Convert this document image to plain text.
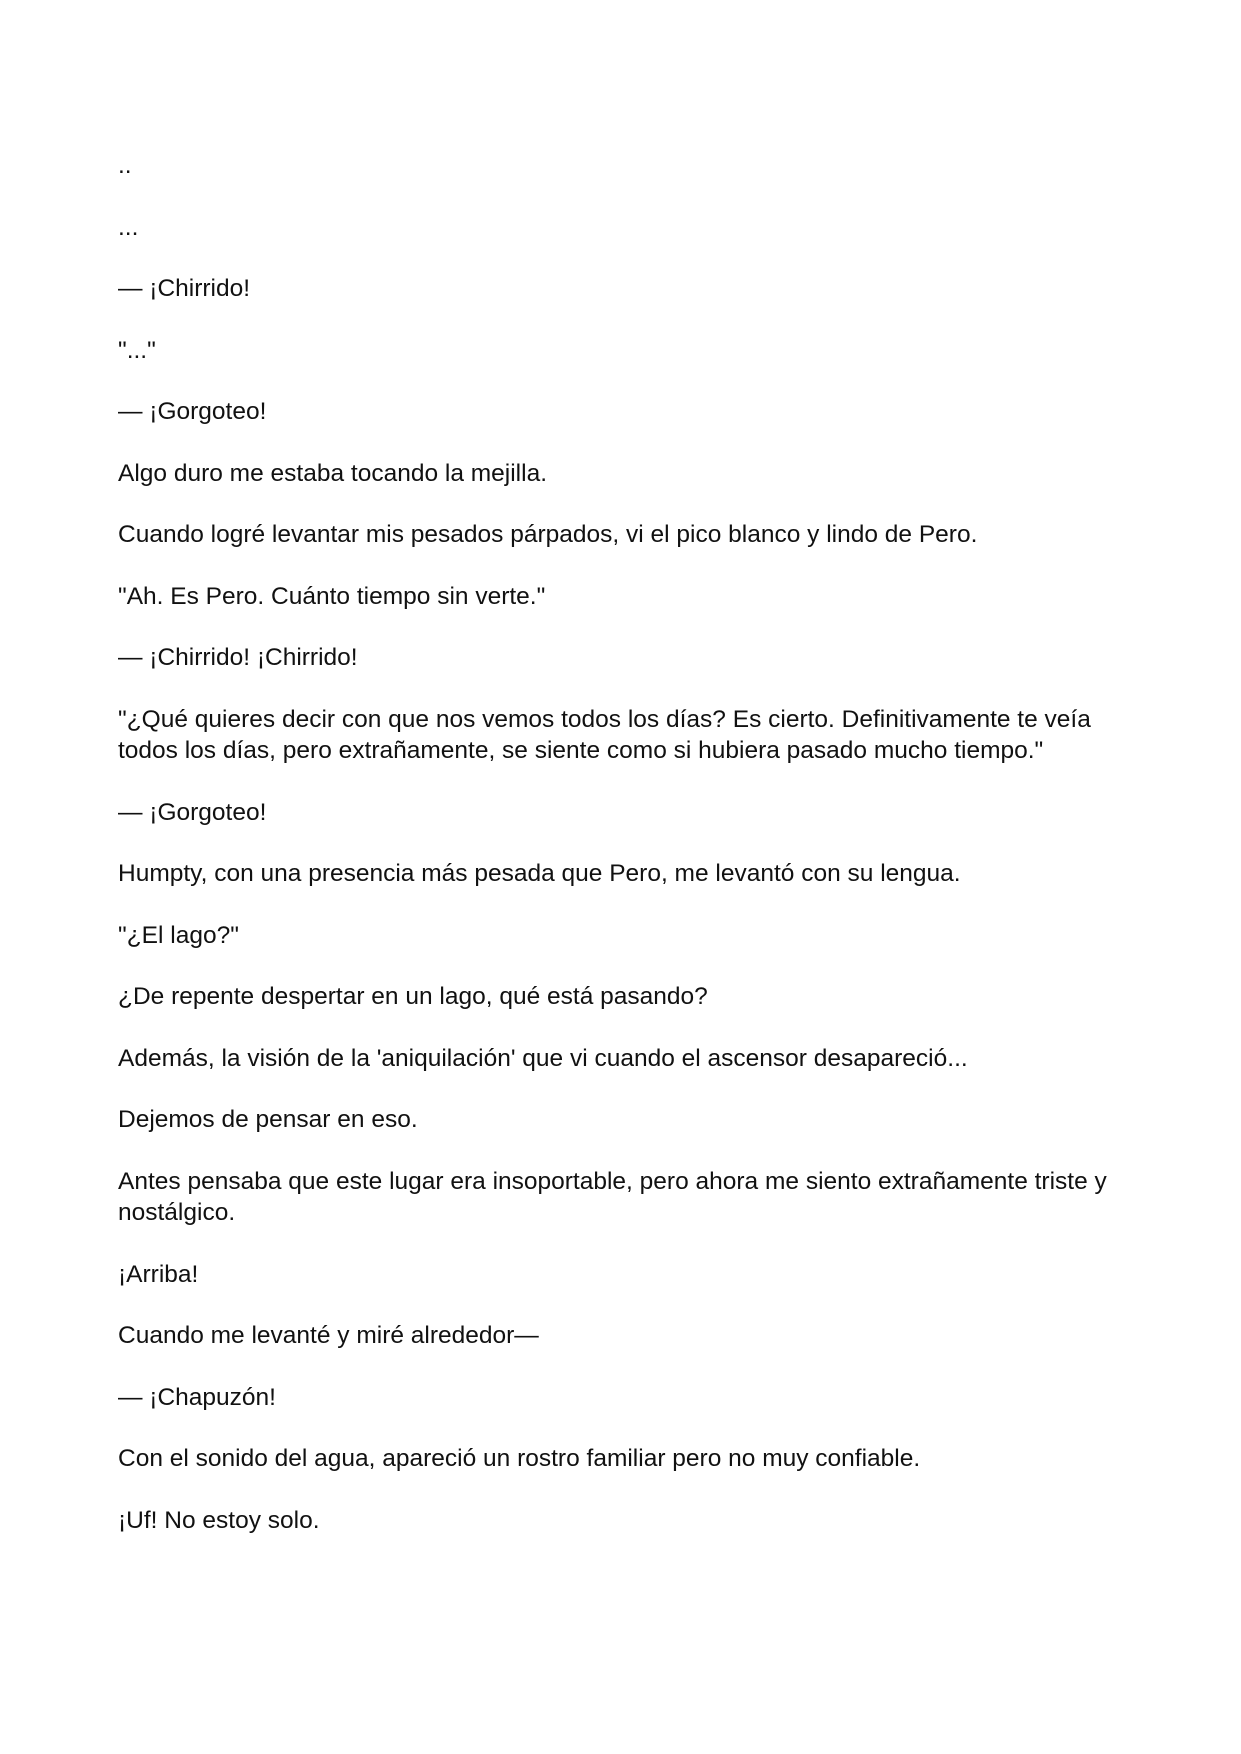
..

...

— ¡Chirrido!

"..."

— ¡Gorgoteo!

Algo duro me estaba tocando la mejilla.

Cuando logré levantar mis pesados párpados, vi el pico blanco y lindo de Pero.

"Ah. Es Pero. Cuánto tiempo sin verte."

— ¡Chirrido! ¡Chirrido!

"¿Qué quieres decir con que nos vemos todos los días? Es cierto. Definitivamente te veía todos los días, pero extrañamente, se siente como si hubiera pasado mucho tiempo."

— ¡Gorgoteo!

Humpty, con una presencia más pesada que Pero, me levantó con su lengua.

"¿El lago?"

¿De repente despertar en un lago, qué está pasando?

Además, la visión de la 'aniquilación' que vi cuando el ascensor desapareció...

Dejemos de pensar en eso.

Antes pensaba que este lugar era insoportable, pero ahora me siento extrañamente triste y nostálgico.

¡Arriba!

Cuando me levanté y miré alrededor—

— ¡Chapuzón!

Con el sonido del agua, apareció un rostro familiar pero no muy confiable.

¡Uf! No estoy solo.
